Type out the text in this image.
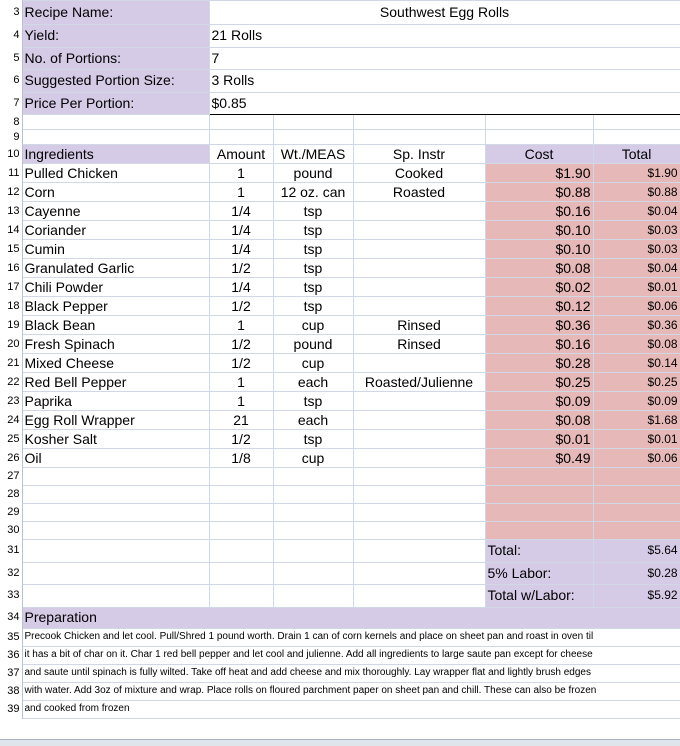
3	Recipe Name:	Southwest Egg Rolls				
4	Yield:	21 Rolls				
5	No. of Portions:	7				
6	Suggested Portion Size:	3 Rolls				
7	Price Per Portion:	$0.85				
8						
9						
10	Ingredients	Amount	Wt./MEAS	Sp. Instr	Cost	Total
11	Pulled Chicken	1	pound	Cooked	$1.90	$1.90
12	Corn	1	12 oz. can	Roasted	$0.88	$0.88
13	Cayenne	1/4	tsp		$0.16	$0.04
14	Coriander	1/4	tsp		$0.10	$0.03
15	Cumin	1/4	tsp		$0.10	$0.03
16	Granulated Garlic	1/2	tsp		$0.08	$0.04
17	Chili Powder	1/4	tsp		$0.02	$0.01
18	Black Pepper	1/2	tsp		$0.12	$0.06
19	Black Bean	1	cup	Rinsed	$0.36	$0.36
20	Fresh Spinach	1/2	pound	Rinsed	$0.16	$0.08
21	Mixed Cheese	1/2	cup		$0.28	$0.14
22	Red Bell Pepper	1	each	Roasted/Julienne	$0.25	$0.25
23	Paprika	1	tsp		$0.09	$0.09
24	Egg Roll Wrapper	21	each		$0.08	$1.68
25	Kosher Salt	1/2	tsp		$0.01	$0.01
26	Oil	1/8	cup		$0.49	$0.06
27						
28						
29						
30						
31					Total:	$5.64
32					5% Labor:	$0.28
33					Total w/Labor:	$5.92
34	Preparation					
35	Precook Chicken and let cool. Pull/Shred 1 pound worth. Drain 1 can of corn kernels and place on sheet pan and roast in oven til					
36	it has a bit of char on it. Char 1 red bell pepper and let cool and julienne. Add all ingredients to large saute pan except for cheese					
37	and saute until spinach is fully wilted. Take off heat and add cheese and mix thoroughly. Lay wrapper flat and lightly brush edges					
38	with water. Add 3oz of mixture and wrap. Place rolls on floured parchment paper on sheet pan and chill. These can also be frozen					
39	and cooked from frozen					
